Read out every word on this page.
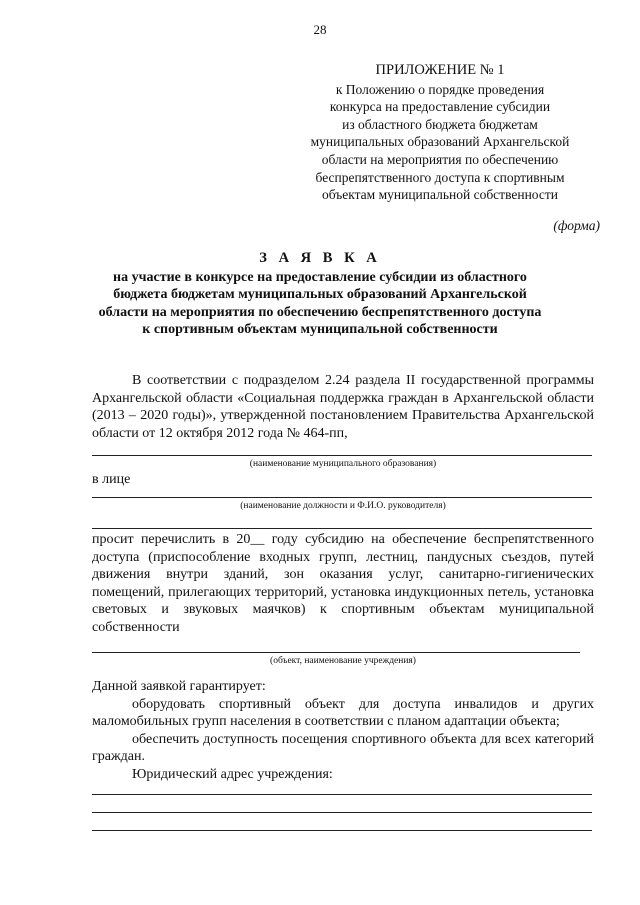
28
ПРИЛОЖЕНИЕ № 1
к Положению о порядке проведения
конкурса на предоставление субсидии
из областного бюджета бюджетам
муниципальных образований Архангельской
области на мероприятия по обеспечению
беспрепятственного доступа к спортивным
объектам муниципальной собственности
(форма)
З А Я В К А
на участие в конкурсе на предоставление субсидии из областного
бюджета бюджетам муниципальных образований Архангельской
области на мероприятия по обеспечению беспрепятственного доступа
к спортивным объектам муниципальной собственности
В соответствии с подразделом 2.24 раздела II государственной программы Архангельской области «Социальная поддержка граждан в Архангельской области (2013 – 2020 годы)», утвержденной постановлением Правительства Архангельской области от 12 октября 2012 года № 464-пп,
(наименование муниципального образования)
в лице
(наименование должности и Ф.И.О. руководителя)
просит перечислить в 20__ году субсидию на обеспечение беспрепятственного доступа (приспособление входных групп, лестниц, пандусных съездов, путей движения внутри зданий, зон оказания услуг, санитарно-гигиенических помещений, прилегающих территорий, установка индукционных петель, установка световых и звуковых маячков) к спортивным объектам муниципальной собственности
(объект, наименование учреждения)
Данной заявкой гарантирует:
оборудовать спортивный объект для доступа инвалидов и других маломобильных групп населения в соответствии с планом адаптации объекта;
обеспечить доступность посещения спортивного объекта для всех категорий граждан.
Юридический адрес учреждения:
